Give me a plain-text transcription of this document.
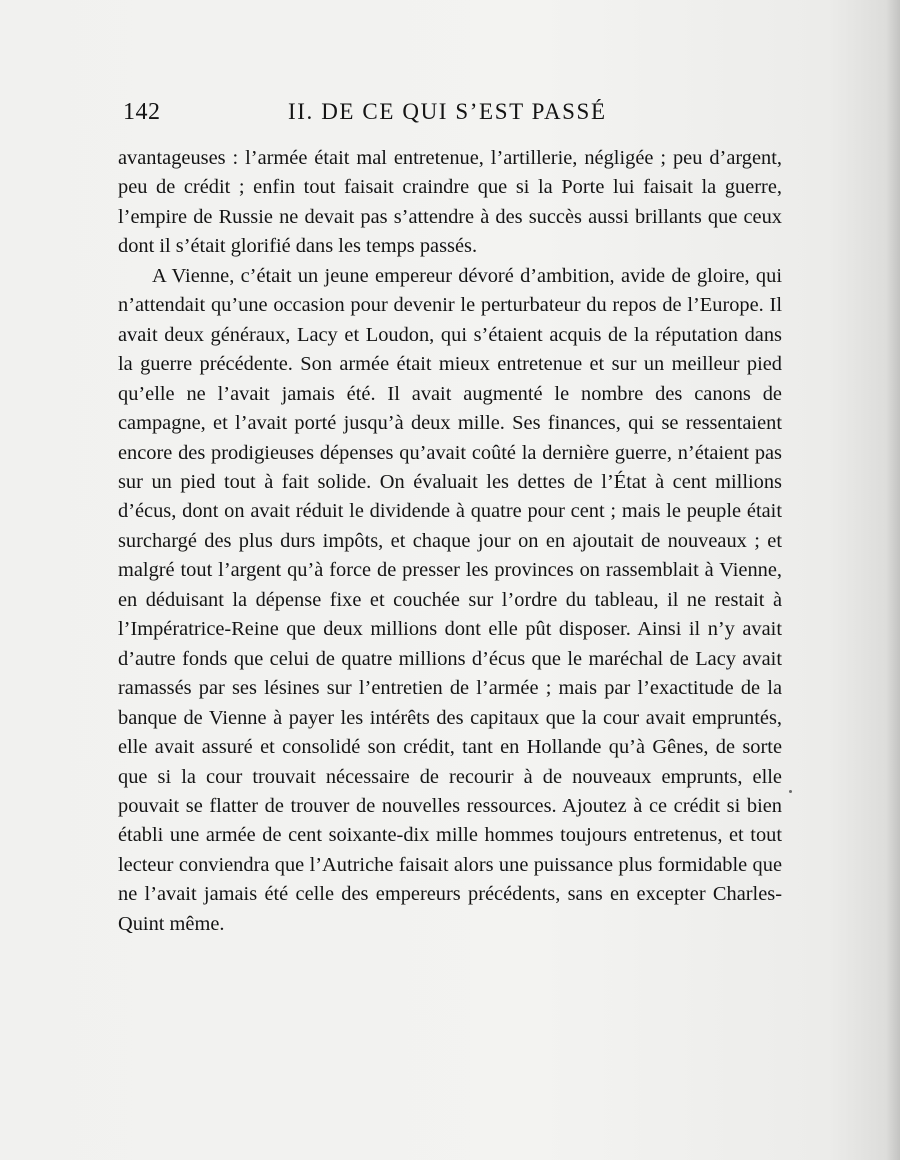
142	II. DE CE QUI S’EST PASSÉ

avantageuses : l’armée était mal entretenue, l’artillerie, négligée ; peu d’argent, peu de crédit ; enfin tout faisait craindre que si la Porte lui faisait la guerre, l’empire de Russie ne devait pas s’attendre à des succès aussi brillants que ceux dont il s’était glorifié dans les temps passés.

A Vienne, c’était un jeune empereur dévoré d’ambition, avide de gloire, qui n’attendait qu’une occasion pour devenir le perturbateur du repos de l’Europe. Il avait deux généraux, Lacy et Loudon, qui s’étaient acquis de la réputation dans la guerre précédente. Son armée était mieux entretenue et sur un meilleur pied qu’elle ne l’avait jamais été. Il avait augmenté le nombre des canons de campagne, et l’avait porté jusqu’à deux mille. Ses finances, qui se ressentaient encore des prodigieuses dépenses qu’avait coûté la dernière guerre, n’étaient pas sur un pied tout à fait solide. On évaluait les dettes de l’État à cent millions d’écus, dont on avait réduit le dividende à quatre pour cent ; mais le peuple était surchargé des plus durs impôts, et chaque jour on en ajoutait de nouveaux ; et malgré tout l’argent qu’à force de presser les provinces on rassemblait à Vienne, en déduisant la dépense fixe et couchée sur l’ordre du tableau, il ne restait à l’Impératrice-Reine que deux millions dont elle pût disposer. Ainsi il n’y avait d’autre fonds que celui de quatre millions d’écus que le maréchal de Lacy avait ramassés par ses lésines sur l’entretien de l’armée ; mais par l’exactitude de la banque de Vienne à payer les intérêts des capitaux que la cour avait empruntés, elle avait assuré et consolidé son crédit, tant en Hollande qu’à Gênes, de sorte que si la cour trouvait nécessaire de recourir à de nouveaux emprunts, elle pouvait se flatter de trouver de nouvelles ressources. Ajoutez à ce crédit si bien établi une armée de cent soixante-dix mille hommes toujours entretenus, et tout lecteur conviendra que l’Autriche faisait alors une puissance plus formidable que ne l’avait jamais été celle des empereurs précédents, sans en excepter Charles-Quint même.
